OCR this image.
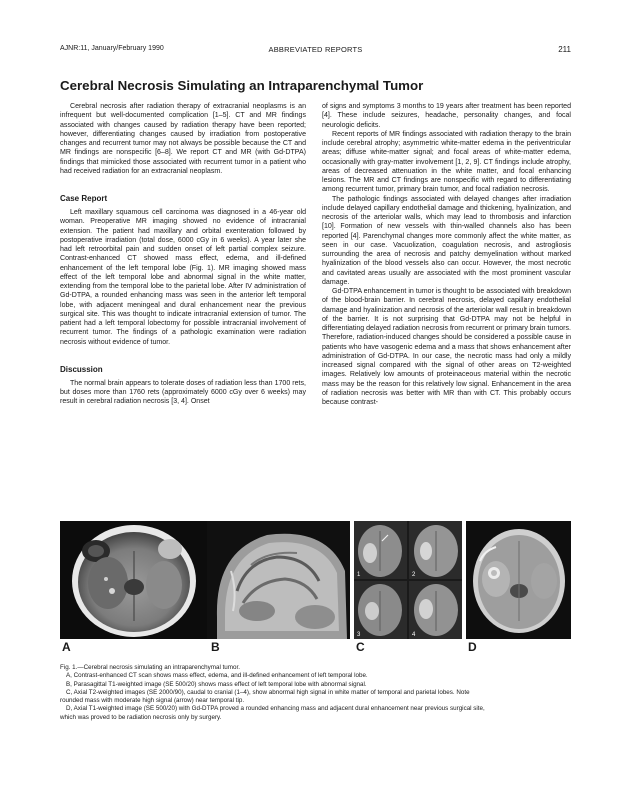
AJNR:11, January/February 1990	ABBREVIATED REPORTS	211
Cerebral Necrosis Simulating an Intraparenchymal Tumor

Cerebral necrosis after radiation therapy of extracranial neoplasms is an infrequent but well-documented complication [1–5]. CT and MR findings associated with changes caused by radiation therapy have been reported; however, differentiating changes caused by irradiation from postoperative changes and recurrent tumor may not always be possible because the CT and MR findings are nonspecific [6–8]. We report CT and MR (with Gd-DTPA) findings that mimicked those associated with recurrent tumor in a patient who had received radiation for an extracranial neoplasm.

Case Report

Left maxillary squamous cell carcinoma was diagnosed in a 46-year old woman. Preoperative MR imaging showed no evidence of intracranial extension. The patient had maxillary and orbital exenteration followed by postoperative irradiation (total dose, 6000 cGy in 6 weeks). A year later she had left retroorbital pain and sudden onset of left partial complex seizure. Contrast-enhanced CT showed mass effect, edema, and ill-defined enhancement of the left temporal lobe (Fig. 1). MR imaging showed mass effect of the left temporal lobe and abnormal signal in the white matter, extending from the temporal lobe to the parietal lobe. After IV administration of Gd-DTPA, a rounded enhancing mass was seen in the anterior left temporal lobe, with adjacent meningeal and dural enhancement near the previous surgical site. This was thought to indicate intracranial extension of tumor. The patient had a left temporal lobectomy for possible intracranial involvement of recurrent tumor. The findings of a pathologic examination were radiation necrosis without evidence of tumor.

Discussion

The normal brain appears to tolerate doses of radiation less than 1700 rets, but doses more than 1760 rets (approximately 6000 cGy over 6 weeks) may result in cerebral radiation necrosis [3, 4]. Onset

of signs and symptoms 3 months to 19 years after treatment has been reported [4]. These include seizures, headache, personality changes, and focal neurologic deficits.

Recent reports of MR findings associated with radiation therapy to the brain include cerebral atrophy; asymmetric white-matter edema in the periventricular areas; diffuse white-matter signal; and focal areas of white-matter edema, occasionally with gray-matter involvement [1, 2, 9]. CT findings include atrophy, areas of decreased attenuation in the white matter, and focal enhancing lesions. The MR and CT findings are nonspecific with regard to differentiating among recurrent tumor, primary brain tumor, and focal radiation necrosis.

The pathologic findings associated with delayed changes after irradiation include delayed capillary endothelial damage and thickening, hyalinization, and necrosis of the arteriolar walls, which may lead to thrombosis and infarction [10]. Formation of new vessels with thin-walled channels also has been reported [4]. Parenchymal changes more commonly affect the white matter, as seen in our case. Vacuolization, coagulation necrosis, and astrogliosis surrounding the area of necrosis and patchy demyelination without marked hyalinization of the blood vessels also can occur. However, the most necrotic and cavitated areas usually are associated with the most prominent vascular damage.

Gd-DTPA enhancement in tumor is thought to be associated with breakdown of the blood-brain barrier. In cerebral necrosis, delayed capillary endothelial damage and hyalinization and necrosis of the arteriolar wall result in breakdown of the barrier. It is not surprising that Gd-DTPA may not be helpful in differentiating delayed radiation necrosis from recurrent or primary brain tumors. Therefore, radiation-induced changes should be considered a possible cause in patients who have vasogenic edema and a mass that shows enhancement after administration of Gd-DTPA. In our case, the necrotic mass had only a mildly increased signal compared with the signal of other areas on T2-weighted images. Relatively low amounts of proteinaceous material within the necrotic mass may be the reason for this relatively low signal. Enhancement in the area of radiation necrosis was better with MR than with CT. This probably occurs because contrast-

1	2
3	4
A	B	C	D
Fig. 1.—Cerebral necrosis simulating an intraparenchymal tumor.
A, Contrast-enhanced CT scan shows mass effect, edema, and ill-defined enhancement of left temporal lobe.
B, Parasagittal T1-weighted image (SE 500/20) shows mass effect of left temporal lobe with abnormal signal.
C, Axial T2-weighted images (SE 2000/90), caudal to cranial (1–4), show abnormal high signal in white matter of temporal and parietal lobes. Note
rounded mass with moderate high signal (arrow) near temporal tip.
D, Axial T1-weighted image (SE 500/20) with Gd-DTPA proved a rounded enhancing mass and adjacent dural enhancement near previous surgical site,
which was proved to be radiation necrosis only by surgery.
